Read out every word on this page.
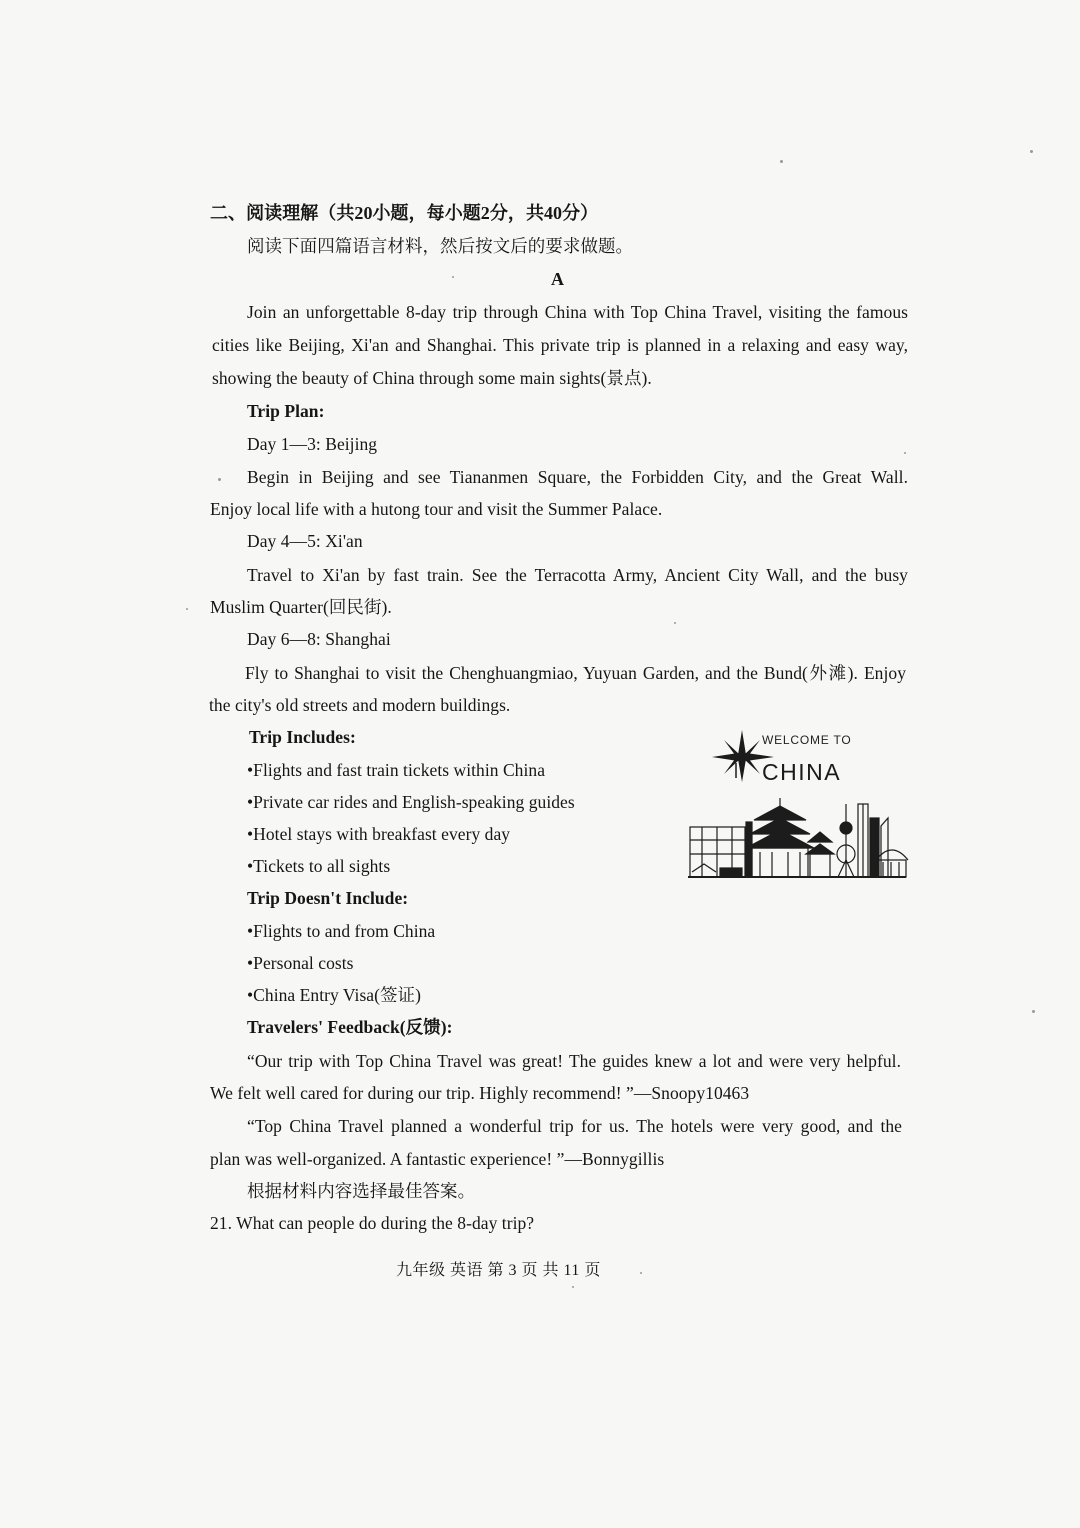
二、阅读理解（共20小题，每小题2分，共40分）
阅读下面四篇语言材料，然后按文后的要求做题。
A
Join an unforgettable 8-day trip through China with Top China Travel, visiting the famous
cities like Beijing, Xi'an and Shanghai. This private trip is planned in a relaxing and easy way,
showing the beauty of China through some main sights(景点).
Trip Plan:
Day 1—3: Beijing
Begin in Beijing and see Tiananmen Square, the Forbidden City, and the Great Wall.
Enjoy local life with a hutong tour and visit the Summer Palace.
Day 4—5: Xi'an
Travel to Xi'an by fast train. See the Terracotta Army, Ancient City Wall, and the busy
Muslim Quarter(回民街).
Day 6—8: Shanghai
Fly to Shanghai to visit the Chenghuangmiao, Yuyuan Garden, and the Bund(外滩). Enjoy
the city's old streets and modern buildings.
Trip Includes:
•Flights and fast train tickets within China
•Private car rides and English-speaking guides
•Hotel stays with breakfast every day
•Tickets to all sights
Trip Doesn't Include:
•Flights to and from China
•Personal costs
•China Entry Visa(签证)
Travelers' Feedback(反馈):
“Our trip with Top China Travel was great! The guides knew a lot and were very helpful.
We felt well cared for during our trip. Highly recommend! ”—Snoopy10463
“Top China Travel planned a wonderful trip for us. The hotels were very good, and the
plan was well-organized. A fantastic experience! ”—Bonnygillis
根据材料内容选择最佳答案。
21. What can people do during the 8-day trip?
九年级 英语 第 3 页 共 11 页
WELCOME TO
CHINA
